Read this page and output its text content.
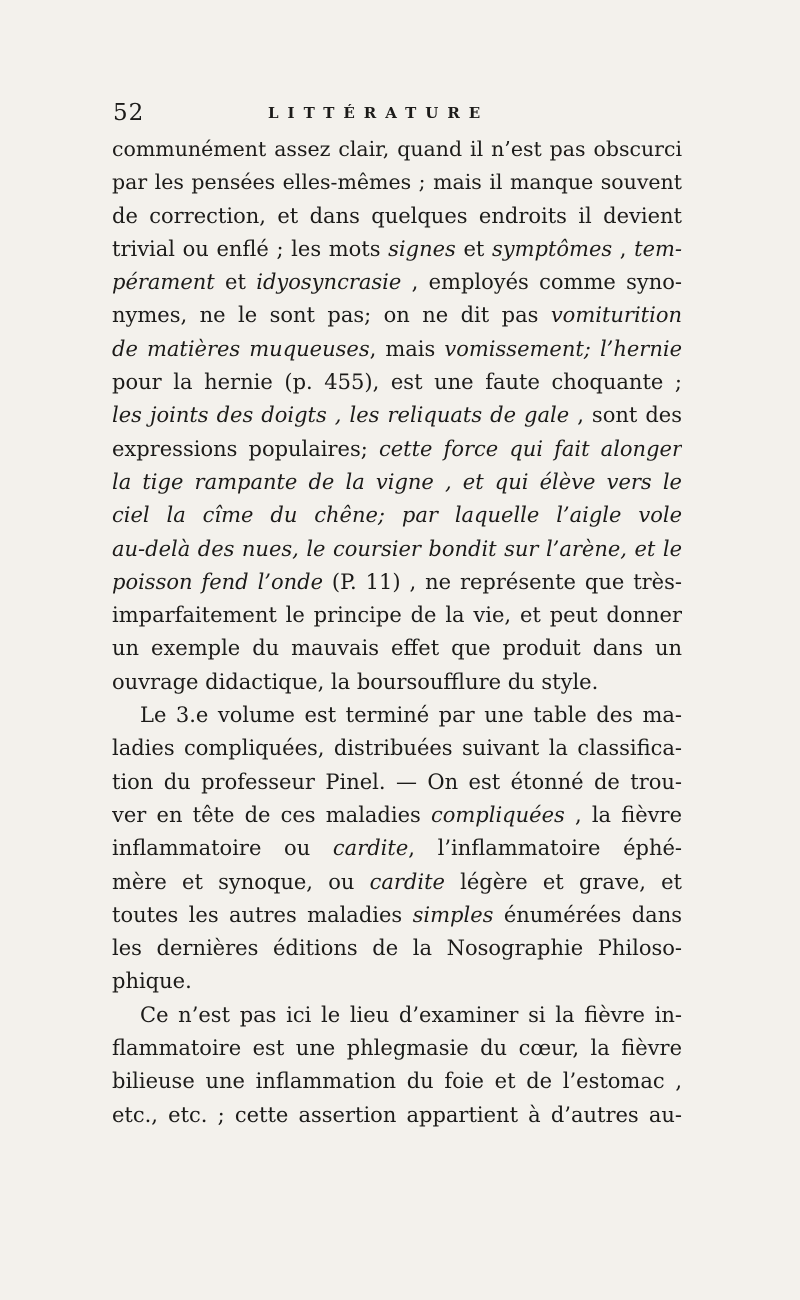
52	LITTÉRATURE
communément assez clair, quand il n’est pas obscurci
par les pensées elles-mêmes ; mais il manque souvent
de correction, et dans quelques endroits il devient
trivial ou enflé ; les mots signes et symptômes , tem-
pérament et idyosyncrasie , employés comme syno-
nymes, ne le sont pas; on ne dit pas vomiturition
de matières muqueuses, mais vomissement; l’hernie
pour la hernie (p. 455), est une faute choquante ;
les joints des doigts , les reliquats de gale , sont des
expressions populaires; cette force qui fait alonger
la tige rampante de la vigne , et qui élève vers le
ciel la cîme du chêne; par laquelle l’aigle vole
au-delà des nues, le coursier bondit sur l’arène, et le
poisson fend l’onde (P. 11) , ne représente que très-
imparfaitement le principe de la vie, et peut donner
un exemple du mauvais effet que produit dans un
ouvrage didactique, la boursoufflure du style.
Le 3.e volume est terminé par une table des ma-
ladies compliquées, distribuées suivant la classifica-
tion du professeur Pinel. — On est étonné de trou-
ver en tête de ces maladies compliquées , la fièvre
inflammatoire ou cardite, l’inflammatoire éphé-
mère et synoque, ou cardite légère et grave, et
toutes les autres maladies simples énumérées dans
les dernières éditions de la Nosographie Philoso-
phique.
Ce n’est pas ici le lieu d’examiner si la fièvre in-
flammatoire est une phlegmasie du cœur, la fièvre
bilieuse une inflammation du foie et de l’estomac ,
etc., etc. ; cette assertion appartient à d’autres au-
